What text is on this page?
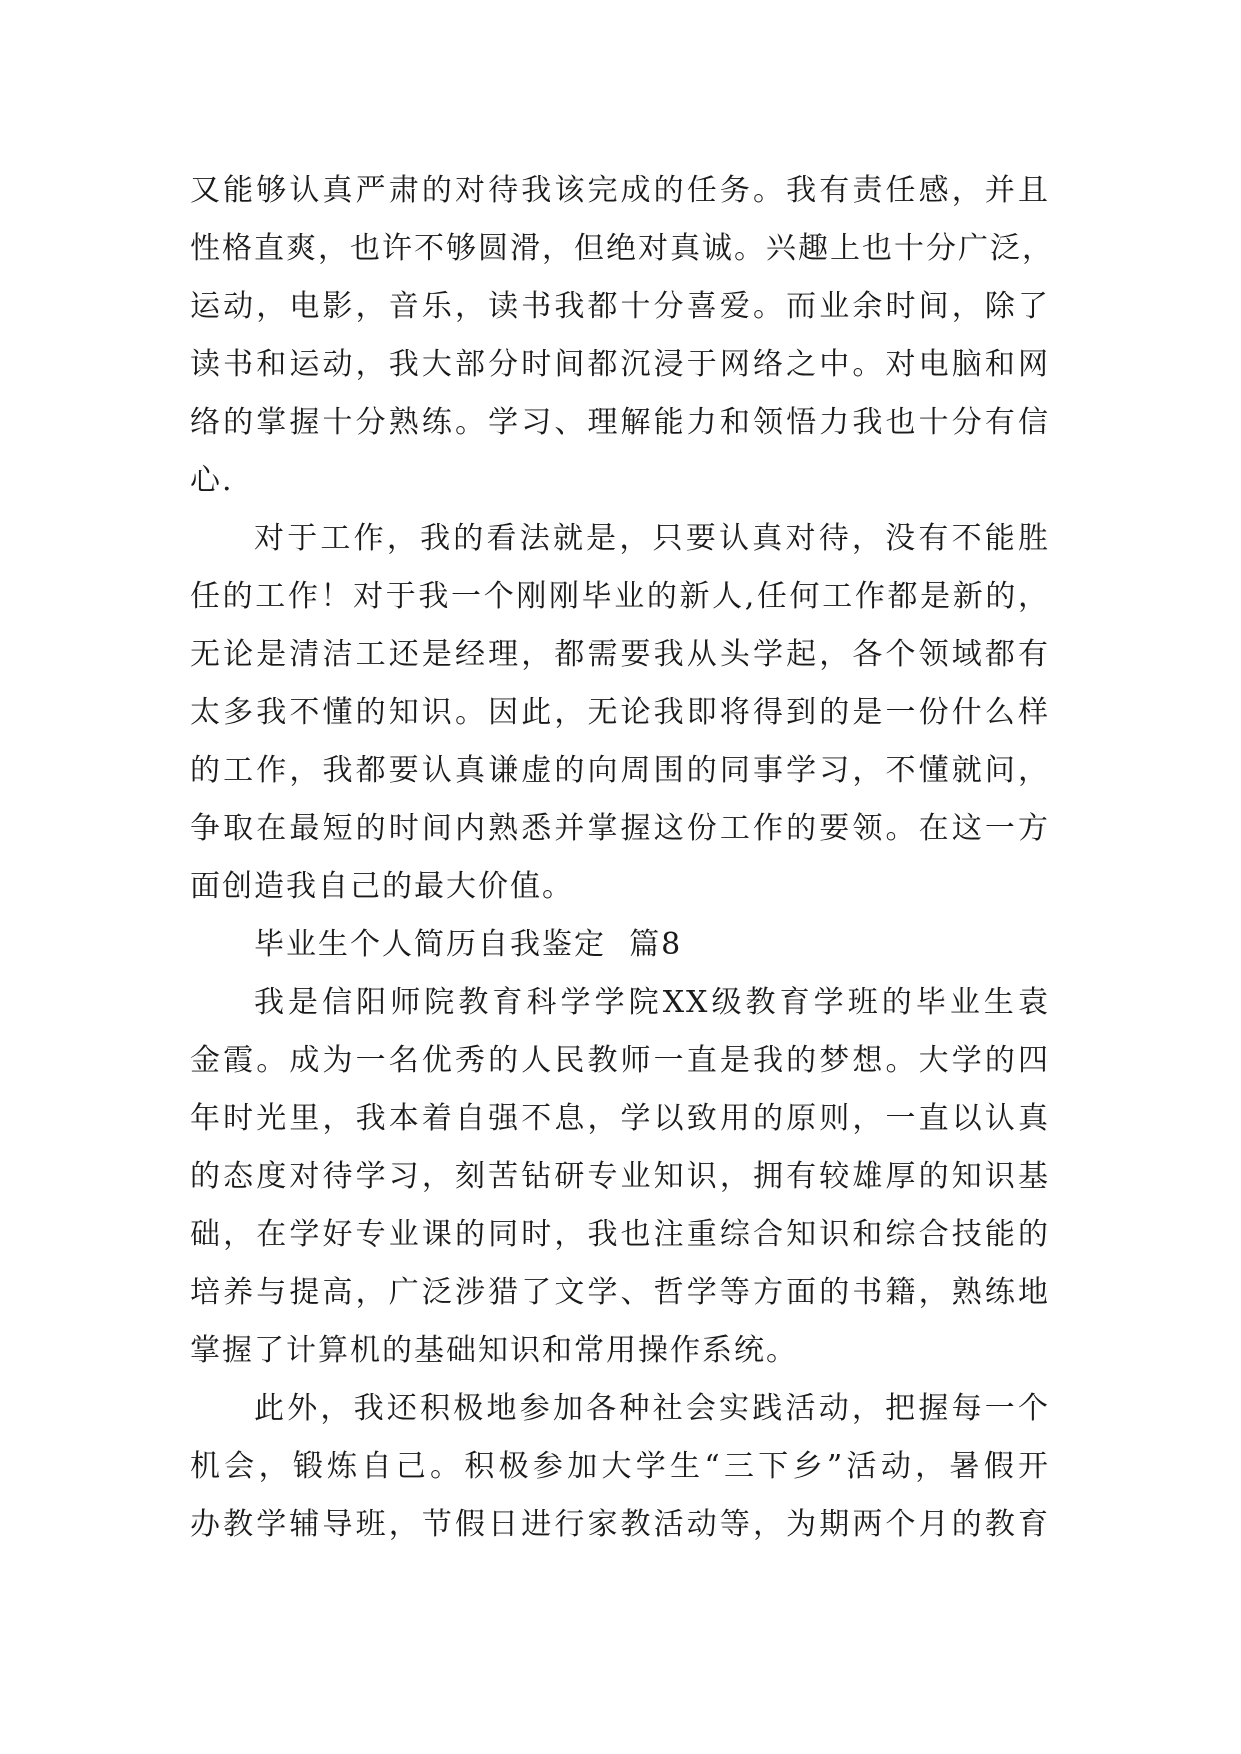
又能够认真严肃的对待我该完成的任务。我有责任感，并且
性格直爽，也许不够圆滑，但绝对真诚。兴趣上也十分广泛，
运动，电影，音乐，读书我都十分喜爱。而业余时间，除了
读书和运动，我大部分时间都沉浸于网络之中。对电脑和网
络的掌握十分熟练。学习、理解能力和领悟力我也十分有信
心.
对于工作，我的看法就是，只要认真对待，没有不能胜
任的工作！对于我一个刚刚毕业的新人,任何工作都是新的，
无论是清洁工还是经理，都需要我从头学起，各个领域都有
太多我不懂的知识。因此，无论我即将得到的是一份什么样
的工作，我都要认真谦虚的向周围的同事学习，不懂就问，
争取在最短的时间内熟悉并掌握这份工作的要领。在这一方
面创造我自己的最大价值。
毕业生个人简历自我鉴定  篇8
我是信阳师院教育科学学院XX级教育学班的毕业生袁
金霞。成为一名优秀的人民教师一直是我的梦想。大学的四
年时光里，我本着自强不息，学以致用的原则，一直以认真
的态度对待学习，刻苦钻研专业知识，拥有较雄厚的知识基
础，在学好专业课的同时，我也注重综合知识和综合技能的
培养与提高，广泛涉猎了文学、哲学等方面的书籍，熟练地
掌握了计算机的基础知识和常用操作系统。
此外，我还积极地参加各种社会实践活动，把握每一个
机会，锻炼自己。积极参加大学生“三下乡”活动，暑假开
办教学辅导班，节假日进行家教活动等，为期两个月的教育
